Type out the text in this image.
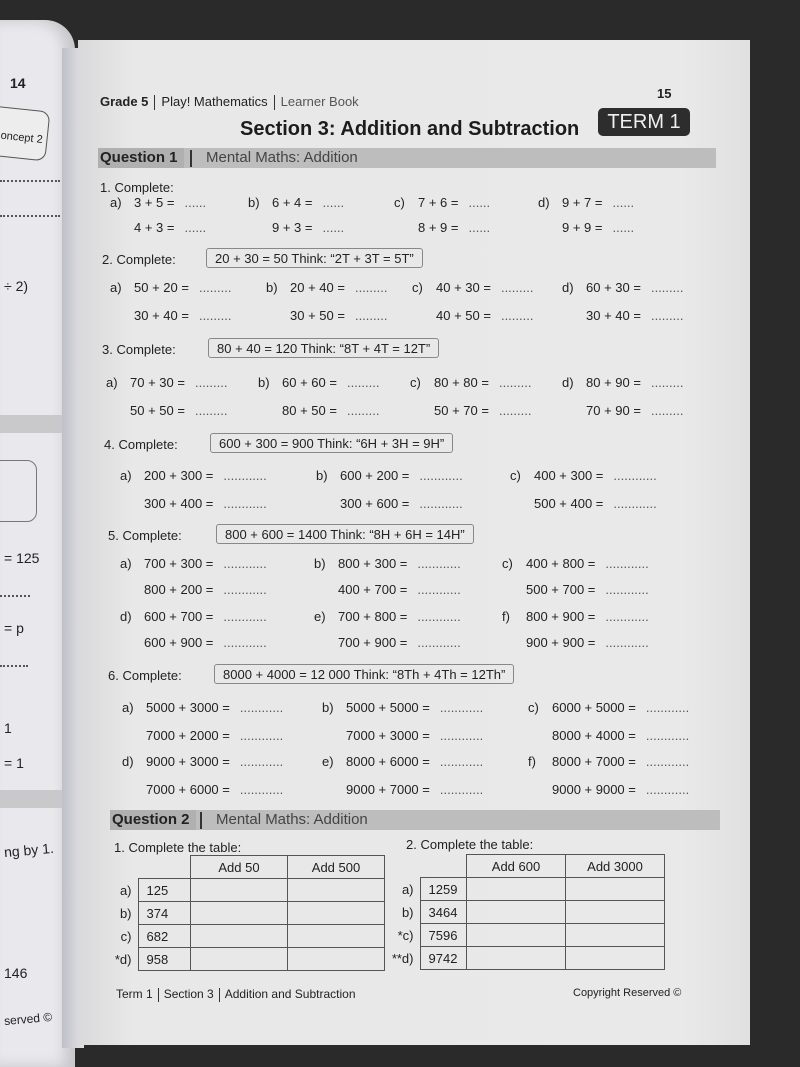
14
oncept 2
÷ 2)
= 125
= p
1
= 1
ng by 1.
146
served ©
Grade 5 Play! Mathematics Learner Book
15
TERM 1
Section 3: Addition and Subtraction
Question 1	Mental Maths: Addition
1. Complete:
a) 3 + 5 = ......	b) 6 + 4 = ......	c) 7 + 6 = ......	d) 9 + 7 = ......
4 + 3 = ......	9 + 3 = ......	8 + 9 = ......	9 + 9 = ......
2. Complete:	20 + 30 = 50 Think: “2T + 3T = 5T”
a) 50 + 20 = .........	b) 20 + 40 = ......... c) 40 + 30 = ......... d) 60 + 30 = .........
30 + 40 = .........	30 + 50 = .........	40 + 50 = .........	30 + 40 = .........
3. Complete:	80 + 40 = 120 Think: “8T + 4T = 12T”
a) 70 + 30 = ......... b) 60 + 60 = ......... c) 80 + 80 = ......... d) 80 + 90 = .........
50 + 50 = .........	80 + 50 = .........	50 + 70 = .........	70 + 90 = .........
4. Complete:	600 + 300 = 900 Think: “6H + 3H = 9H”
a) 200 + 300 = ............	b) 600 + 200 = ............	c) 400 + 300 = ............
300 + 400 = ............	300 + 600 = ............	500 + 400 = ............
5. Complete:	800 + 600 = 1400 Think: “8H + 6H = 14H”
a) 700 + 300 = ............	b) 800 + 300 = ............	c) 400 + 800 = ............
800 + 200 = ............	400 + 700 = ............	500 + 700 = ............
d) 600 + 700 = ............	e) 700 + 800 = ............	f) 800 + 900 = ............
600 + 900 = ............	700 + 900 = ............	900 + 900 = ............
6. Complete:	8000 + 4000 = 12 000 Think: “8Th + 4Th = 12Th”
a) 5000 + 3000 = ............	b) 5000 + 5000 = ............	c) 6000 + 5000 = ............
7000 + 2000 = ............	7000 + 3000 = ............	8000 + 4000 = ............
d) 9000 + 3000 = ............	e) 8000 + 6000 = ............	f) 8000 + 7000 = ............
7000 + 6000 = ............	9000 + 7000 = ............	9000 + 9000 = ............
Question 2	Mental Maths: Addition
1. Complete the table:
		Add 50	Add 500
a)	125		
b)	374		
c)	682		
*d)	958		
2. Complete the table:
		Add 600	Add 3000
a)	1259		
b)	3464		
*c)	7596		
**d)	9742		
Term 1 Section 3 Addition and Subtraction	Copyright Reserved ©
